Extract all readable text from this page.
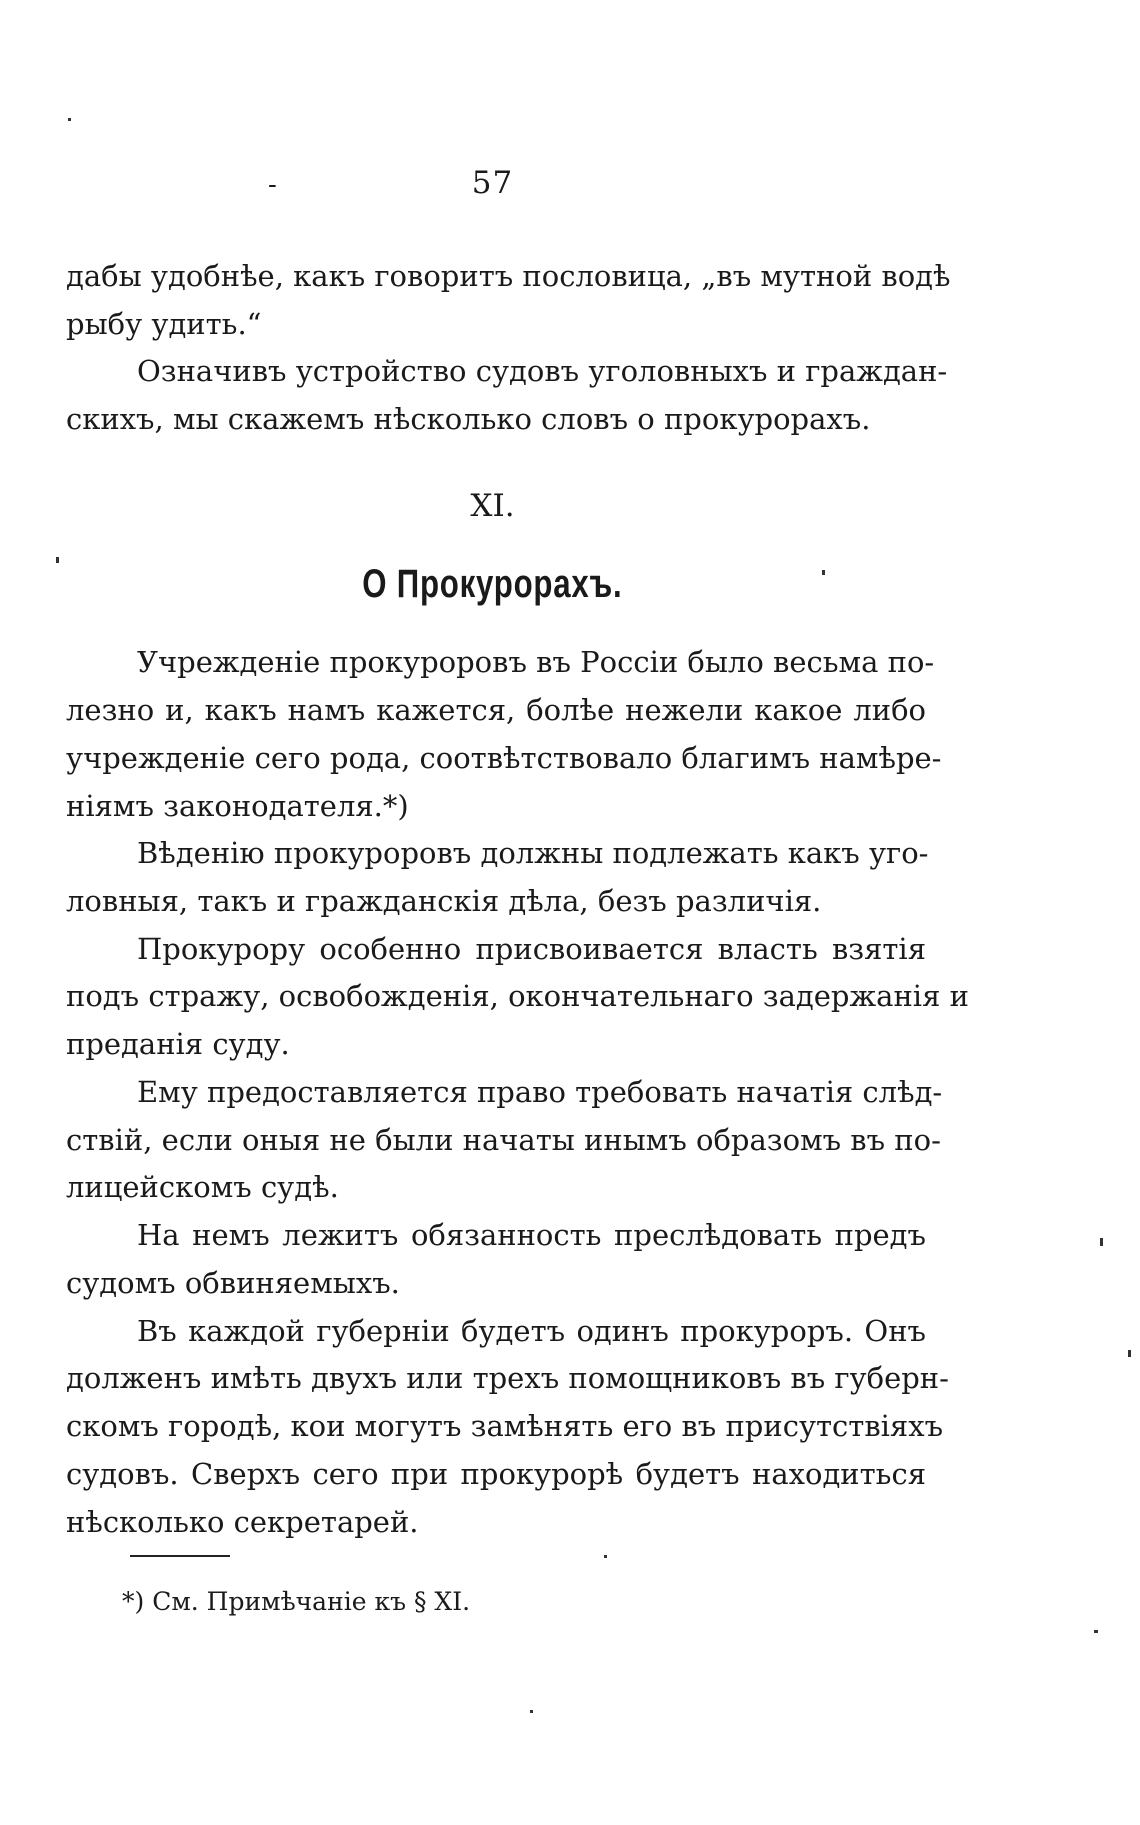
-	57
дабы удобнѣе, какъ говоритъ пословица, „въ мутной водѣ
рыбу удить.“
Означивъ устройство судовъ уголовныхъ и граждан-
скихъ, мы скажемъ нѣсколько словъ о прокурорахъ.
XI.
О Прокурорахъ.
Учрежденіе прокуроровъ въ Россіи было весьма по-
лезно и, какъ намъ кажется, болѣе нежели какое либо
учрежденіе сего рода, соотвѣтствовало благимъ намѣре-
ніямъ законодателя.*)
Вѣденію прокуроровъ должны подлежать какъ уго-
ловныя, такъ и гражданскія дѣла, безъ различія.
Прокурору особенно присвоивается власть взятія
подъ стражу, освобожденія, окончательнаго задержанія и
преданія суду.
Ему предоставляется право требовать начатія слѣд-
ствій, если оныя не были начаты инымъ образомъ въ по-
лицейскомъ судѣ.
На немъ лежитъ обязанность преслѣдовать предъ
судомъ обвиняемыхъ.
Въ каждой губерніи будетъ одинъ прокуроръ. Онъ
долженъ имѣть двухъ или трехъ помощниковъ въ губерн-
скомъ городѣ, кои могутъ замѣнять его въ присутствіяхъ
судовъ. Сверхъ сего при прокурорѣ будетъ находиться
нѣсколько секретарей.
*) См. Примѣчаніе къ § XI.
